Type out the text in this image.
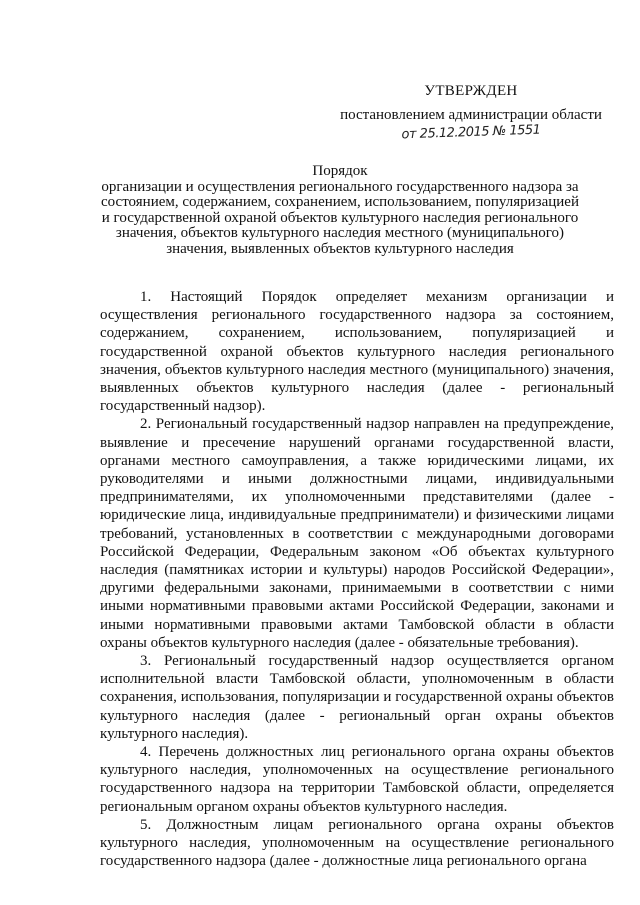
УТВЕРЖДЕН
постановлением администрации области
от 25.12.2015 № 1551
Порядок
организации и осуществления регионального государственного надзора за состоянием, содержанием, сохранением, использованием, популяризацией и государственной охраной объектов культурного наследия регионального значения, объектов культурного наследия местного (муниципального) значения, выявленных объектов культурного наследия

1. Настоящий Порядок определяет механизм организации и осуществления регионального государственного надзора за состоянием, содержанием, сохранением, использованием, популяризацией и государственной охраной объектов культурного наследия регионального значения, объектов культурного наследия местного (муниципального) значения, выявленных объектов культурного наследия (далее - региональный государственный надзор).

2. Региональный государственный надзор направлен на предупреждение, выявление и пресечение нарушений органами государственной власти, органами местного самоуправления, а также юридическими лицами, их руководителями и иными должностными лицами, индивидуальными предпринимателями, их уполномоченными представителями (далее - юридические лица, индивидуальные предприниматели) и физическими лицами требований, установленных в соответствии с международными договорами Российской Федерации, Федеральным законом «Об объектах культурного наследия (памятниках истории и культуры) народов Российской Федерации», другими федеральными законами, принимаемыми в соответствии с ними иными нормативными правовыми актами Российской Федерации, законами и иными нормативными правовыми актами Тамбовской области в области охраны объектов культурного наследия (далее - обязательные требования).

3. Региональный государственный надзор осуществляется органом исполнительной власти Тамбовской области, уполномоченным в области сохранения, использования, популяризации и государственной охраны объектов культурного наследия (далее - региональный орган охраны объектов культурного наследия).

4. Перечень должностных лиц регионального органа охраны объектов культурного наследия, уполномоченных на осуществление регионального государственного надзора на территории Тамбовской области, определяется региональным органом охраны объектов культурного наследия.

5. Должностным лицам регионального органа охраны объектов культурного наследия, уполномоченным на осуществление регионального государственного надзора (далее - должностные лица регионального органа
